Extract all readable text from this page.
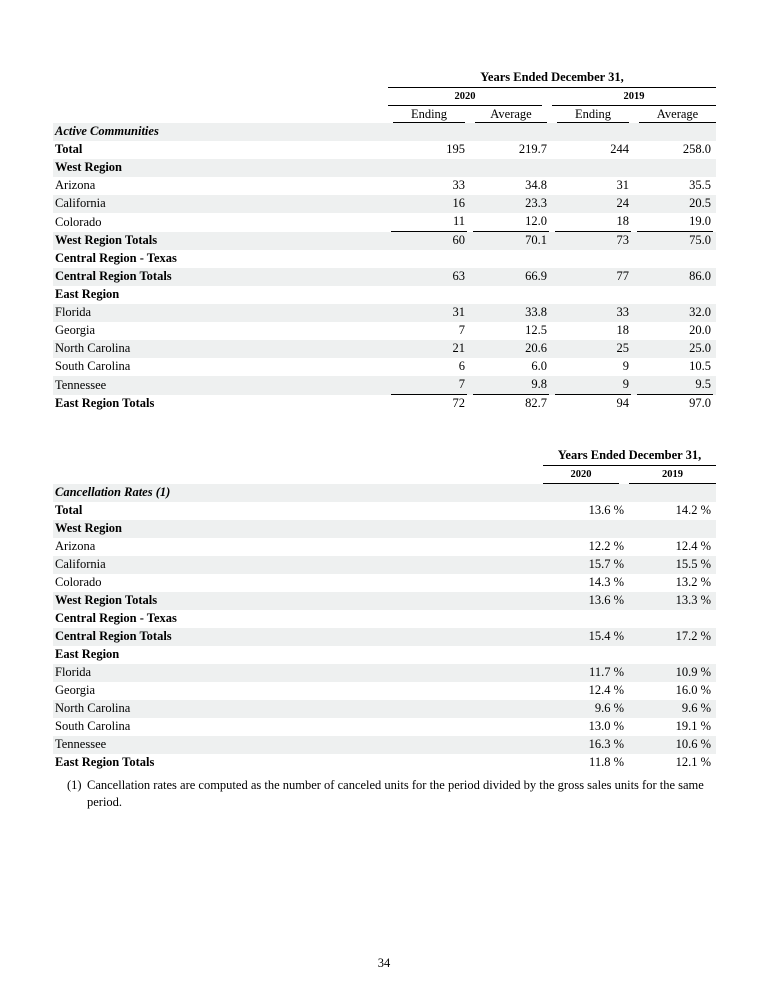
	Years Ended December 31,			

	2020		2019	

	Ending	Average	Ending	Average

Active Communities	

Total	195	219.7	244	258.0

West Region	

Arizona	33	34.8	31	35.5

California	16	23.3	24	20.5

Colorado	11	12.0	18	19.0

West Region Totals	60	70.1	73	75.0

Central Region - Texas	

Central Region Totals	63	66.9	77	86.0

East Region	

Florida	31	33.8	33	32.0

Georgia	7	12.5	18	20.0

North Carolina	21	20.6	25	25.0

South Carolina	6	6.0	9	10.5

Tennessee	7	9.8	9	9.5

East Region Totals	72	82.7	94	97.0

	Years Ended December 31,	

	2020	2019

Cancellation Rates (1)	

Total	13.6 %	14.2 %

West Region	

Arizona	12.2 %	12.4 %

California	15.7 %	15.5 %

Colorado	14.3 %	13.2 %

West Region Totals	13.6 %	13.3 %

Central Region - Texas	

Central Region Totals	15.4 %	17.2 %

East Region	

Florida	11.7 %	10.9 %

Georgia	12.4 %	16.0 %

North Carolina	9.6 %	9.6 %

South Carolina	13.0 %	19.1 %

Tennessee	16.3 %	10.6 %

East Region Totals	11.8 %	12.1 %
(1) Cancellation rates are computed as the number of canceled units for the period divided by the gross sales units for the same period.
34
